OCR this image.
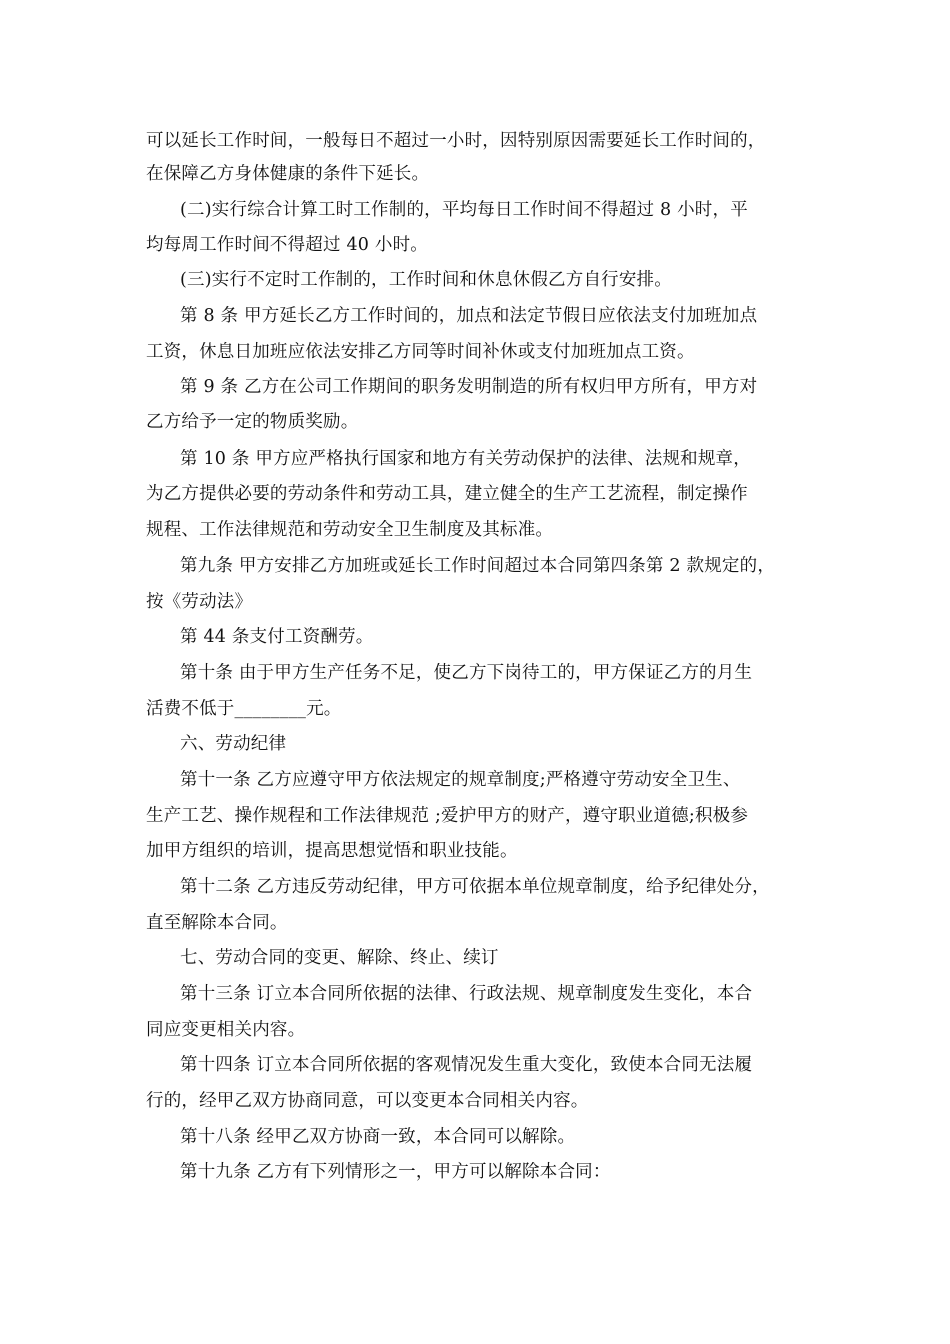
可以延长工作时间，一般每日不超过一小时，因特别原因需要延长工作时间的，
在保障乙方身体健康的条件下延长。
(二)实行综合计算工时工作制的，平均每日工作时间不得超过 8 小时，平
均每周工作时间不得超过 40 小时。
(三)实行不定时工作制的，工作时间和休息休假乙方自行安排。
第 8 条 甲方延长乙方工作时间的，加点和法定节假日应依法支付加班加点
工资，休息日加班应依法安排乙方同等时间补休或支付加班加点工资。
第 9 条 乙方在公司工作期间的职务发明制造的所有权归甲方所有，甲方对
乙方给予一定的物质奖励。
第 10 条 甲方应严格执行国家和地方有关劳动保护的法律、法规和规章，
为乙方提供必要的劳动条件和劳动工具，建立健全的生产工艺流程，制定操作
规程、工作法律规范和劳动安全卫生制度及其标准。
第九条 甲方安排乙方加班或延长工作时间超过本合同第四条第 2 款规定的，
按《劳动法》
第 44 条支付工资酬劳。
第十条 由于甲方生产任务不足，使乙方下岗待工的，甲方保证乙方的月生
活费不低于________元。
六、劳动纪律
第十一条 乙方应遵守甲方依法规定的规章制度;严格遵守劳动安全卫生、
生产工艺、操作规程和工作法律规范 ;爱护甲方的财产，遵守职业道德;积极参
加甲方组织的培训，提高思想觉悟和职业技能。
第十二条 乙方违反劳动纪律，甲方可依据本单位规章制度，给予纪律处分，
直至解除本合同。
七、劳动合同的变更、解除、终止、续订
第十三条 订立本合同所依据的法律、行政法规、规章制度发生变化，本合
同应变更相关内容。
第十四条 订立本合同所依据的客观情况发生重大变化，致使本合同无法履
行的，经甲乙双方协商同意，可以变更本合同相关内容。
第十八条 经甲乙双方协商一致，本合同可以解除。
第十九条 乙方有下列情形之一，甲方可以解除本合同：
